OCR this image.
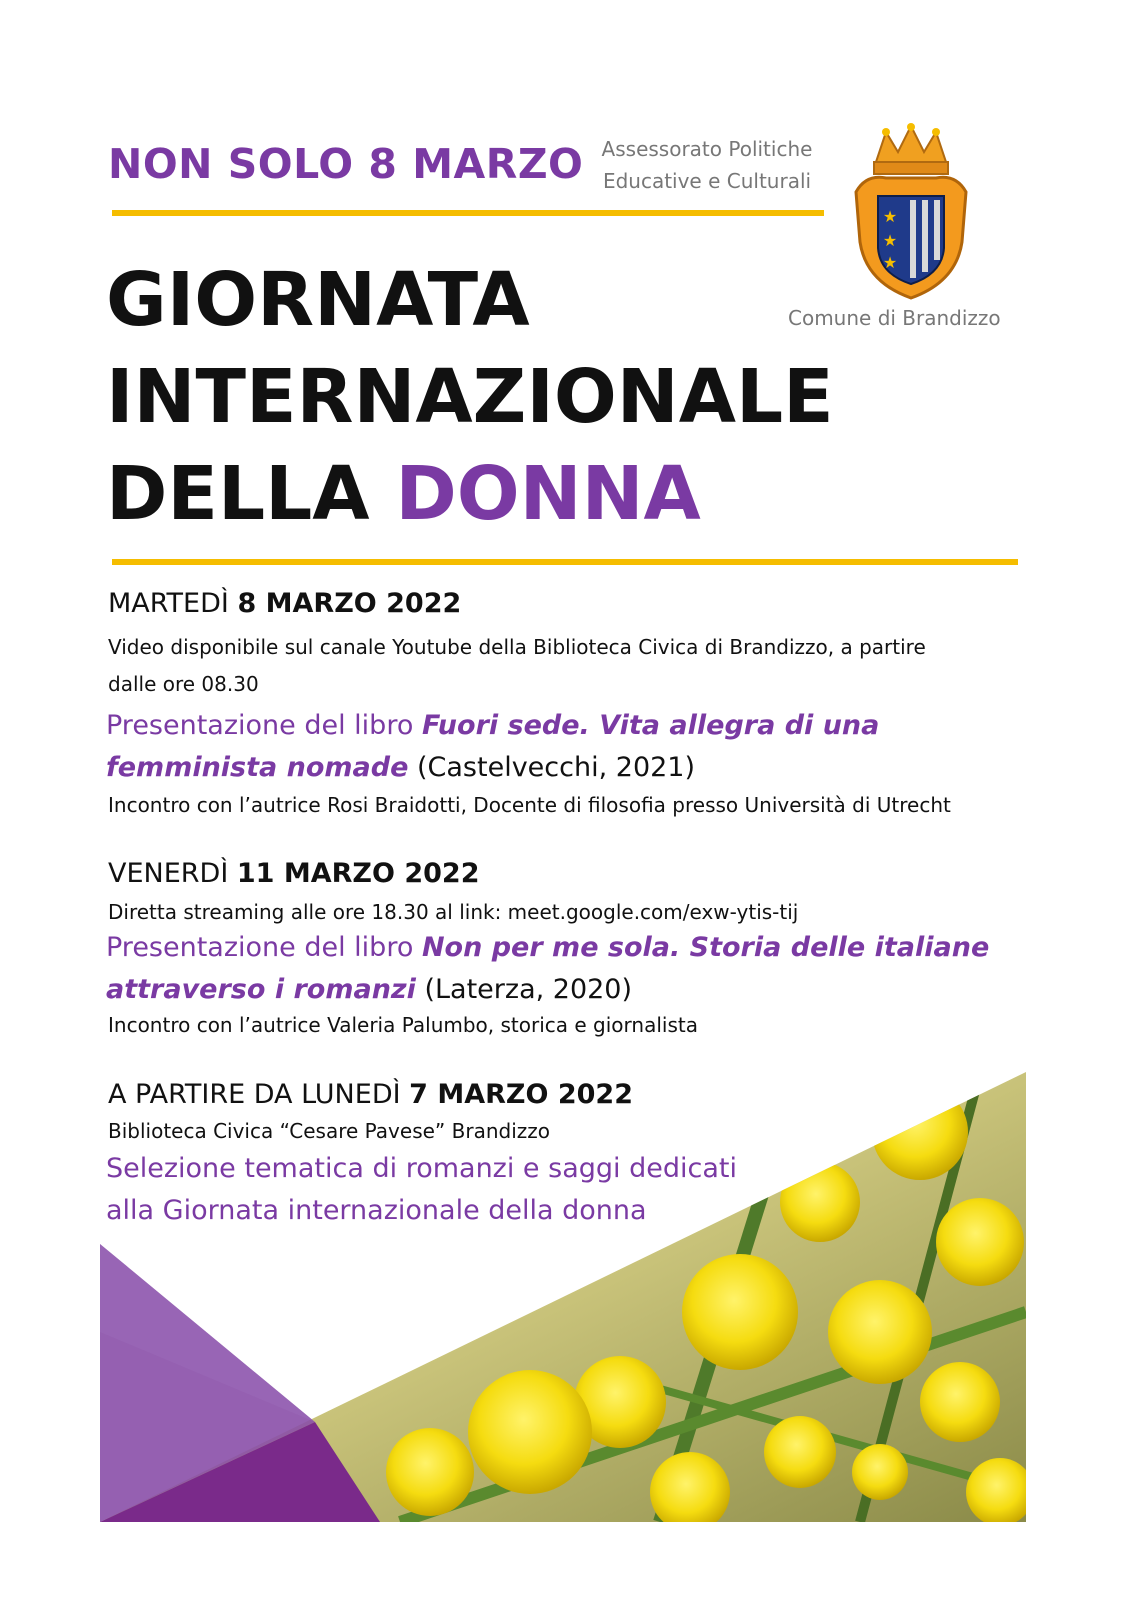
NON SOLO 8 MARZO Assessorato Politiche
Educative e Culturali
★
★
★
Comune di Brandizzo
GIORNATA
INTERNAZIONALE
DELLA DONNA
MARTEDÌ 8 MARZO 2022
Video disponibile sul canale Youtube della Biblioteca Civica di Brandizzo, a partire
dalle ore 08.30
Presentazione del libro Fuori sede. Vita allegra di una
femminista nomade (Castelvecchi, 2021)
Incontro con l’autrice Rosi Braidotti, Docente di filosofia presso Università di Utrecht
VENERDÌ 11 MARZO 2022
Diretta streaming alle ore 18.30 al link: meet.google.com/exw-ytis-tij
Presentazione del libro Non per me sola. Storia delle italiane
attraverso i romanzi (Laterza, 2020)
Incontro con l’autrice Valeria Palumbo, storica e giornalista
A PARTIRE DA LUNEDÌ 7 MARZO 2022
Biblioteca Civica “Cesare Pavese” Brandizzo
Selezione tematica di romanzi e saggi dedicati
alla Giornata internazionale della donna
